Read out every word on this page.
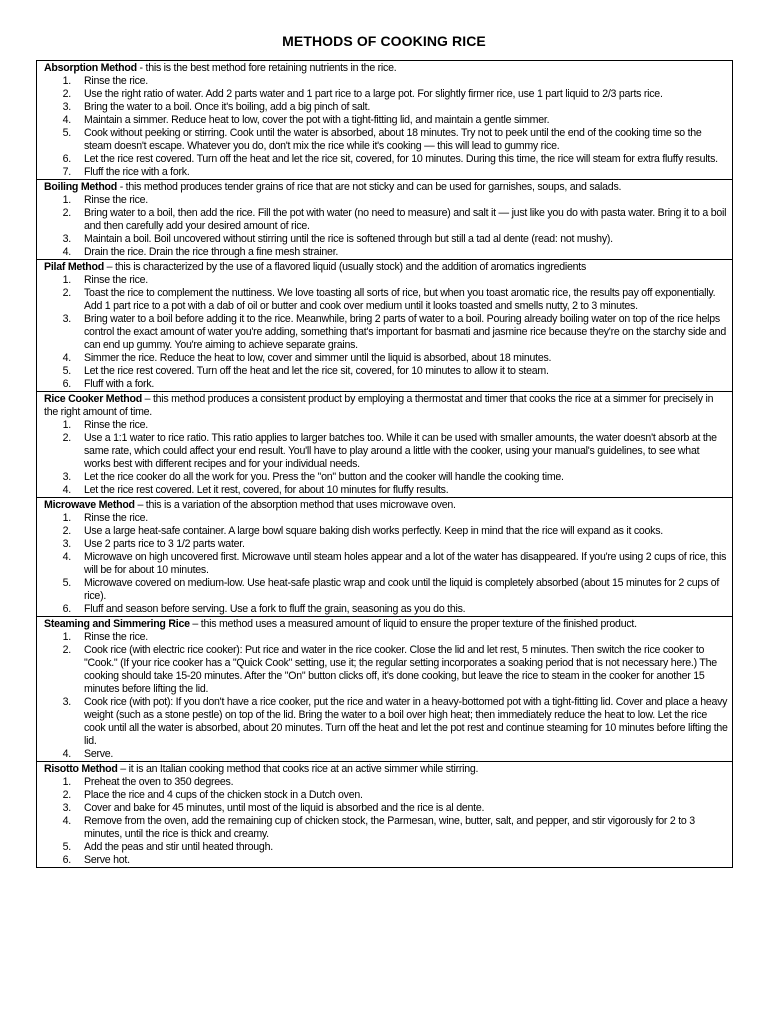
METHODS OF COOKING RICE

Absorption Method - this is the best method fore retaining nutrients in the rice.

1.	Rinse the rice.
2.	Use the right ratio of water. Add 2 parts water and 1 part rice to a large pot. For slightly firmer rice, use 1 part liquid to 2/3 parts rice.
3.	Bring the water to a boil. Once it's boiling, add a big pinch of salt.
4.	Maintain a simmer. Reduce heat to low, cover the pot with a tight-fitting lid, and maintain a gentle simmer.
5.	Cook without peeking or stirring. Cook until the water is absorbed, about 18 minutes. Try not to peek until the end of the cooking time so the steam doesn't escape. Whatever you do, don't mix the rice while it's cooking — this will lead to gummy rice.
6.	Let the rice rest covered. Turn off the heat and let the rice sit, covered, for 10 minutes. During this time, the rice will steam for extra fluffy results.
7.	Fluff the rice with a fork.

Boiling Method - this method produces tender grains of rice that are not sticky and can be used for garnishes, soups, and salads.

1.	Rinse the rice.
2.	Bring water to a boil, then add the rice. Fill the pot with water (no need to measure) and salt it — just like you do with pasta water. Bring it to a boil and then carefully add your desired amount of rice.
3.	Maintain a boil. Boil uncovered without stirring until the rice is softened through but still a tad al dente (read: not mushy).
4.	Drain the rice. Drain the rice through a fine mesh strainer.

Pilaf Method – this is characterized by the use of a flavored liquid (usually stock) and the addition of aromatics ingredients

1.	Rinse the rice.
2.	Toast the rice to complement the nuttiness. We love toasting all sorts of rice, but when you toast aromatic rice, the results pay off exponentially. Add 1 part rice to a pot with a dab of oil or butter and cook over medium until it looks toasted and smells nutty, 2 to 3 minutes.
3.	Bring water to a boil before adding it to the rice. Meanwhile, bring 2 parts of water to a boil. Pouring already boiling water on top of the rice helps control the exact amount of water you're adding, something that's important for basmati and jasmine rice because they're on the starchy side and can end up gummy. You're aiming to achieve separate grains.
4.	Simmer the rice. Reduce the heat to low, cover and simmer until the liquid is absorbed, about 18 minutes.
5.	Let the rice rest covered. Turn off the heat and let the rice sit, covered, for 10 minutes to allow it to steam.
6.	Fluff with a fork.

Rice Cooker Method – this method produces a consistent product by employing a thermostat and timer that cooks the rice at a simmer for precisely in the right amount of time.

1.	Rinse the rice.
2.	Use a 1:1 water to rice ratio. This ratio applies to larger batches too. While it can be used with smaller amounts, the water doesn't absorb at the same rate, which could affect your end result. You'll have to play around a little with the cooker, using your manual's guidelines, to see what works best with different recipes and for your individual needs.
3.	Let the rice cooker do all the work for you. Press the "on" button and the cooker will handle the cooking time.
4.	Let the rice rest covered. Let it rest, covered, for about 10 minutes for fluffy results.

Microwave Method – this is a variation of the absorption method that uses microwave oven.

1.	Rinse the rice.
2.	Use a large heat-safe container. A large bowl square baking dish works perfectly. Keep in mind that the rice will expand as it cooks.
3.	Use 2 parts rice to 3 1/2 parts water.
4.	Microwave on high uncovered first. Microwave until steam holes appear and a lot of the water has disappeared. If you're using 2 cups of rice, this will be for about 10 minutes.
5.	Microwave covered on medium-low. Use heat-safe plastic wrap and cook until the liquid is completely absorbed (about 15 minutes for 2 cups of rice).
6.	Fluff and season before serving. Use a fork to fluff the grain, seasoning as you do this.

Steaming and Simmering Rice – this method uses a measured amount of liquid to ensure the proper texture of the finished product.

1.	Rinse the rice.
2.	Cook rice (with electric rice cooker): Put rice and water in the rice cooker. Close the lid and let rest, 5 minutes. Then switch the rice cooker to "Cook." (If your rice cooker has a "Quick Cook" setting, use it; the regular setting incorporates a soaking period that is not necessary here.) The cooking should take 15-20 minutes. After the "On" button clicks off, it's done cooking, but leave the rice to steam in the cooker for another 15 minutes before lifting the lid.
3.	Cook rice (with pot): If you don't have a rice cooker, put the rice and water in a heavy-bottomed pot with a tight-fitting lid. Cover and place a heavy weight (such as a stone pestle) on top of the lid. Bring the water to a boil over high heat; then immediately reduce the heat to low. Let the rice cook until all the water is absorbed, about 20 minutes. Turn off the heat and let the pot rest and continue steaming for 10 minutes before lifting the lid.
4.	Serve.

Risotto Method – it is an Italian cooking method that cooks rice at an active simmer while stirring.

1.	Preheat the oven to 350 degrees.
2.	Place the rice and 4 cups of the chicken stock in a Dutch oven.
3.	Cover and bake for 45 minutes, until most of the liquid is absorbed and the rice is al dente.
4.	Remove from the oven, add the remaining cup of chicken stock, the Parmesan, wine, butter, salt, and pepper, and stir vigorously for 2 to 3 minutes, until the rice is thick and creamy.
5.	Add the peas and stir until heated through.
6.	Serve hot.
